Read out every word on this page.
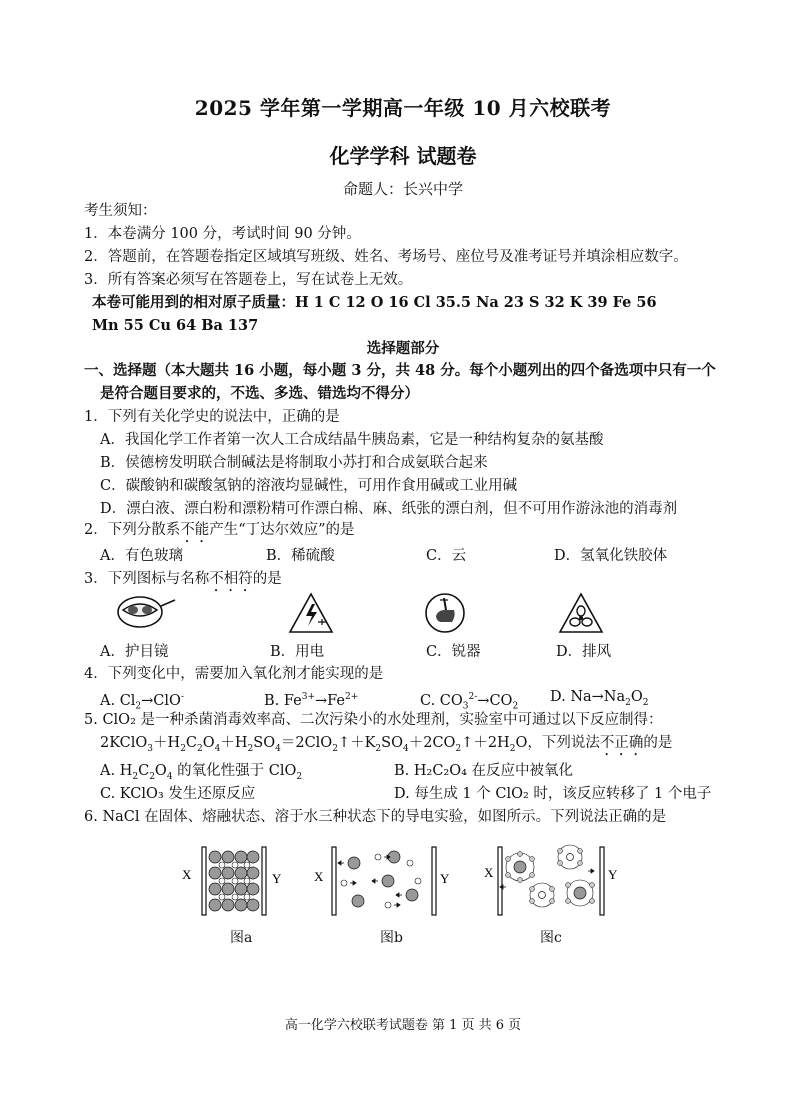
2025 学年第一学期高一年级 10 月六校联考
化学学科 试题卷
命题人：长兴中学
考生须知：
1．本卷满分 100 分，考试时间 90 分钟。
2．答题前，在答题卷指定区域填写班级、姓名、考场号、座位号及准考证号并填涂相应数字。
3．所有答案必须写在答题卷上，写在试卷上无效。
本卷可能用到的相对原子质量：H 1 C 12 O 16 Cl 35.5 Na 23 S 32 K 39 Fe 56
Mn 55 Cu 64 Ba 137
选择题部分
一、选择题（本大题共 16 小题，每小题 3 分，共 48 分。每个小题列出的四个备选项中只有一个
是符合题目要求的，不选、多选、错选均不得分）
1．下列有关化学史的说法中，正确的是
A．我国化学工作者第一次人工合成结晶牛胰岛素，它是一种结构复杂的氨基酸
B．侯德榜发明联合制碱法是将制取小苏打和合成氨联合起来
C．碳酸钠和碳酸氢钠的溶液均显碱性，可用作食用碱或工业用碱
D．漂白液、漂白粉和漂粉精可作漂白棉、麻、纸张的漂白剂，但不可用作游泳池的消毒剂
2．下列分散系不能产生“丁达尔效应”的是
A．有色玻璃	B．稀硫酸	C．云	D．氢氧化铁胶体
3．下列图标与名称不相符的是
A．护目镜	B．用电	C．锐器	D．排风
4．下列变化中，需要加入氧化剂才能实现的是
A. $Cl_2\to ClO^-$	B. $Fe^{3+}\to Fe^{2+}$	C. $CO_3^{2-}\to CO_2$
D. $Na\to Na_2O_2$
5. ClO₂ 是一种杀菌消毒效率高、二次污染小的水处理剂，实验室中可通过以下反应制得：
$2KClO_3+H_2C_2O_4+H_2SO_4=2ClO_2↑+K_2SO_4+2CO_2↑+2H_2O$，下列说法不正确的是
A. $H_2C_2O_4$ 的氧化性强于 ClO$_2$	B. H₂C₂O₄ 在反应中被氧化
C. KClO₃ 发生还原反应	D. 每生成 1 个 ClO₂ 时，该反应转移了 1 个电子
6. NaCl 在固体、熔融状态、溶于水三种状态下的导电实验，如图所示。下列说法正确的是
X	Y
图a
X	Y
图b
X	Y
图c
高一化学六校联考试题卷 第 1 页 共 6 页
